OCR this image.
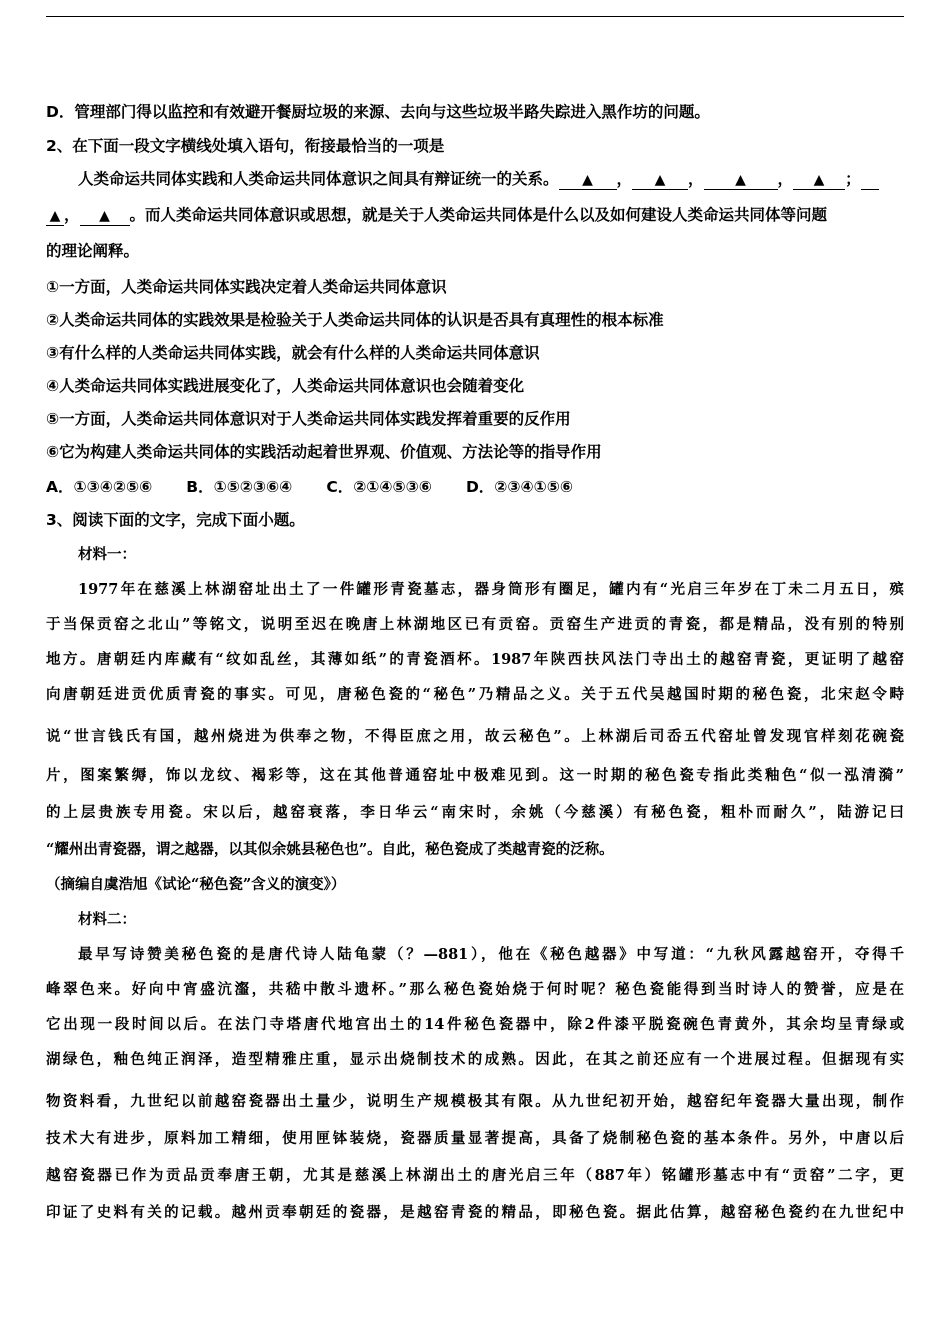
D．管理部门得以监控和有效避开餐厨垃圾的来源、去向与这些垃圾半路失踪进入黑作坊的问题。
2、在下面一段文字横线处填入语句，衔接最恰当的一项是
人类命运共同体实践和人类命运共同体意识之间具有辩证统一的关系。 ▲ ， ▲ ， ▲ ， ▲ ；
▲ ， ▲ 。而人类命运共同体意识或思想，就是关于人类命运共同体是什么以及如何建设人类命运共同体等问题
的理论阐释。
①一方面，人类命运共同体实践决定着人类命运共同体意识
②人类命运共同体的实践效果是检验关于人类命运共同体的认识是否具有真理性的根本标准
③有什么样的人类命运共同体实践，就会有什么样的人类命运共同体意识
④人类命运共同体实践进展变化了，人类命运共同体意识也会随着变化
⑤一方面，人类命运共同体意识对于人类命运共同体实践发挥着重要的反作用
⑥它为构建人类命运共同体的实践活动起着世界观、价值观、方法论等的指导作用
A．①③④②⑤⑥ B．①⑤②③⑥④ C．②①④⑤③⑥ D．②③④①⑤⑥
3、阅读下面的文字，完成下面小题。
材料一：
1977年在慈溪上林湖窑址出土了一件罐形青瓷墓志，器身筒形有圈足，罐内有“光启三年岁在丁未二月五日，殡
于当保贡窑之北山”等铭文，说明至迟在晚唐上林湖地区已有贡窑。贡窑生产进贡的青瓷，都是精品，没有别的特别
地方。唐朝廷内库藏有“纹如乱丝，其薄如纸”的青瓷酒杯。1987年陕西扶风法门寺出土的越窑青瓷，更证明了越窑
向唐朝廷进贡优质青瓷的事实。可见，唐秘色瓷的“秘色”乃精品之义。关于五代吴越国时期的秘色瓷，北宋赵令畤
说“世言钱氏有国，越州烧进为供奉之物，不得臣庶之用，故云秘色”。上林湖后司岙五代窑址曾发现官样刻花碗瓷
片，图案繁缛，饰以龙纹、褐彩等，这在其他普通窑址中极难见到。这一时期的秘色瓷专指此类釉色“似一泓清漪”
的上层贵族专用瓷。宋以后，越窑衰落，李日华云“南宋时，余姚（今慈溪）有秘色瓷，粗朴而耐久”，陆游记曰
“耀州出青瓷器，谓之越器，以其似余姚县秘色也”。自此，秘色瓷成了类越青瓷的泛称。
（摘编自虞浩旭《试论“秘色瓷”含义的演变》）
材料二：
最早写诗赞美秘色瓷的是唐代诗人陆龟蒙（？—881），他在《秘色越器》中写道：“九秋风露越窑开，夺得千
峰翠色来。好向中宵盛沆瀣，共嵇中散斗遗杯。”那么秘色瓷始烧于何时呢？秘色瓷能得到当时诗人的赞誉，应是在
它出现一段时间以后。在法门寺塔唐代地宫出土的14件秘色瓷器中，除2件漆平脱瓷碗色青黄外，其余均呈青绿或
湖绿色，釉色纯正润泽，造型精雅庄重，显示出烧制技术的成熟。因此，在其之前还应有一个进展过程。但据现有实
物资料看，九世纪以前越窑瓷器出土量少，说明生产规模极其有限。从九世纪初开始，越窑纪年瓷器大量出现，制作
技术大有进步，原料加工精细，使用匣钵装烧，瓷器质量显著提高，具备了烧制秘色瓷的基本条件。另外，中唐以后
越窑瓷器已作为贡品贡奉唐王朝，尤其是慈溪上林湖出土的唐光启三年（887年）铭罐形墓志中有“贡窑”二字，更
印证了史料有关的记载。越州贡奉朝廷的瓷器，是越窑青瓷的精品，即秘色瓷。据此估算，越窑秘色瓷约在九世纪中
